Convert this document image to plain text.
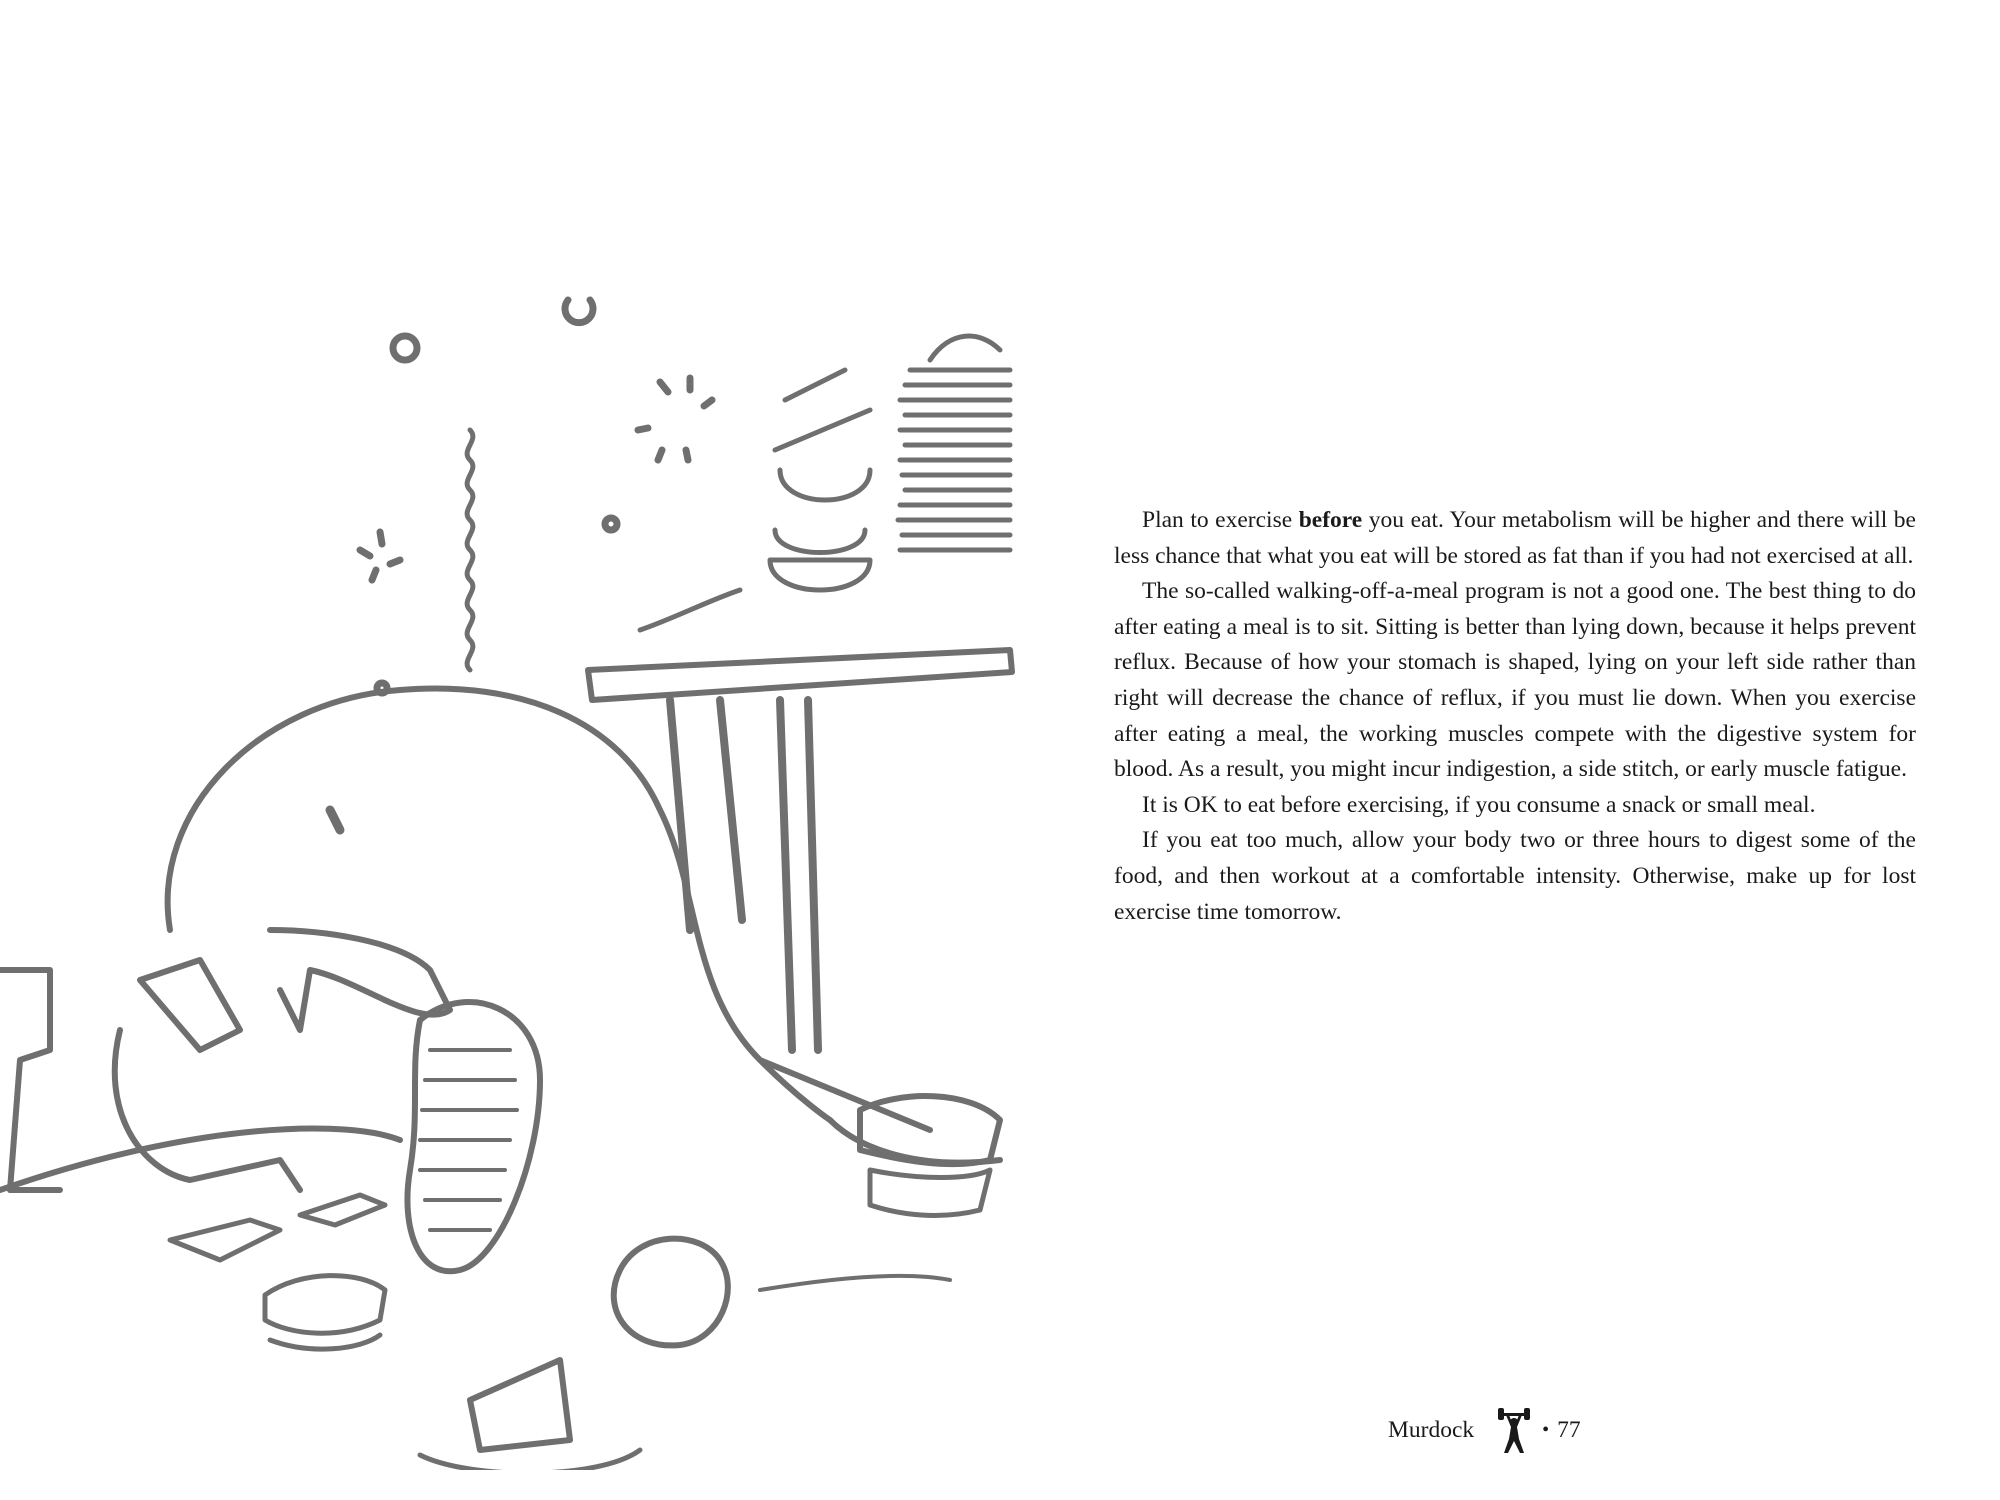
Plan to exercise before you eat. Your metabolism will be higher and there will be less chance that what you eat will be stored as fat than if you had not exercised at all.

The so-called walking-off-a-meal program is not a good one. The best thing to do after eating a meal is to sit. Sitting is better than lying down, because it helps prevent reflux. Because of how your stomach is shaped, lying on your left side rather than right will decrease the chance of reflux, if you must lie down. When you exercise after eating a meal, the working muscles compete with the digestive system for blood. As a result, you might incur indigestion, a side stitch, or early muscle fatigue.

It is OK to eat before exercising, if you consume a snack or small meal.

If you eat too much, allow your body two or three hours to digest some of the food, and then workout at a comfortable intensity. Otherwise, make up for lost exercise time tomorrow.

Murdock	• 77
